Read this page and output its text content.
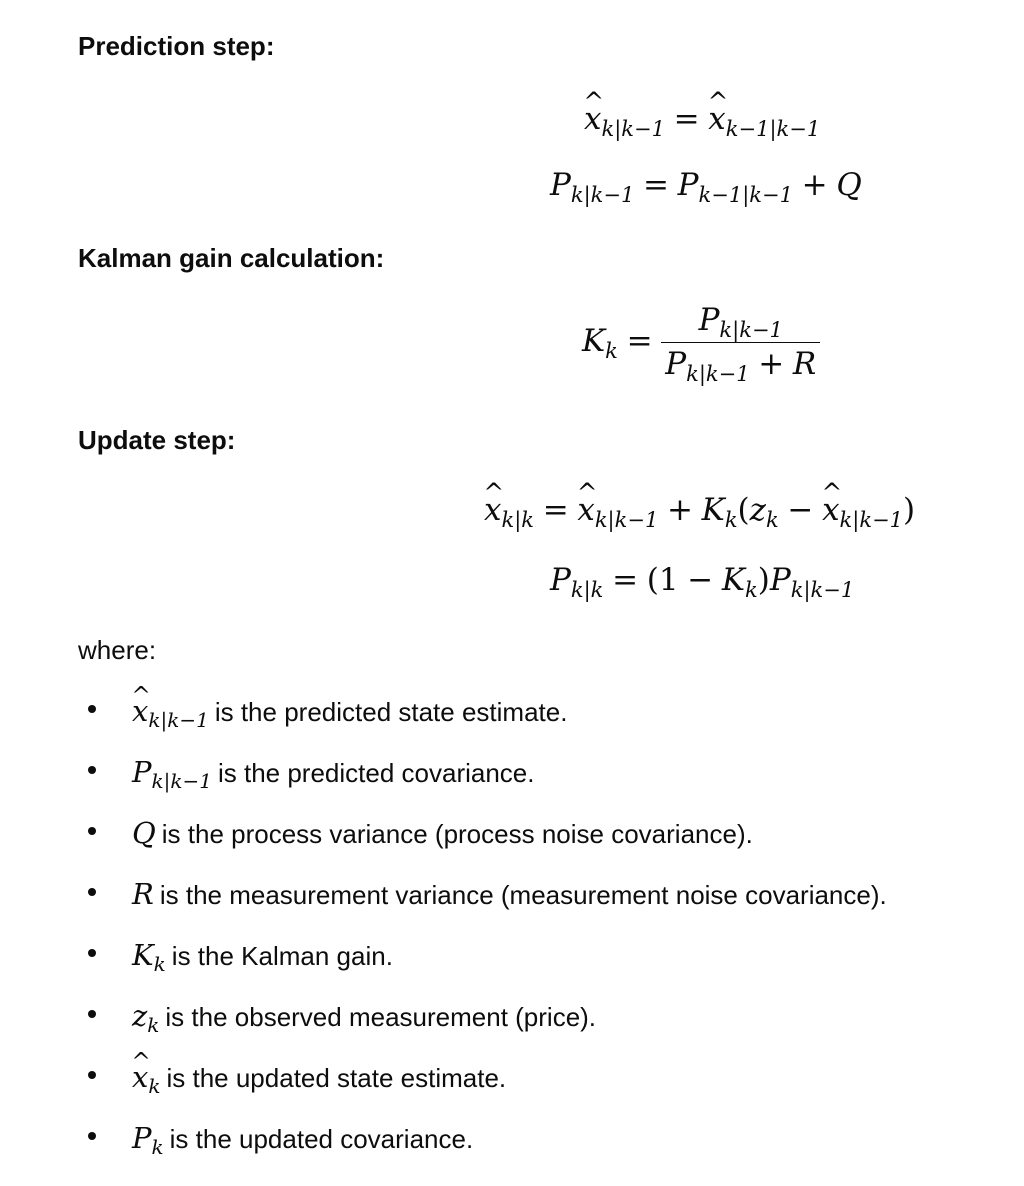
Prediction step:
^ $x_{k|k-1}$ = ^ $x_{k-1|k-1}$
$P_{k|k-1} = P_{k-1|k-1} + Q$
Kalman gain calculation:
$K_k = \frac{P_{k|k-1}}{P_{k|k-1} + R}$
Update step:
^ $x_{k|k}$ = ^ $x_{k|k-1} + K_k(z_k$ − ^ $x_{k|k-1}$)
$P_{k|k} = (1 - K_k)P_{k|k-1}$

where:

^ $x_{k|k-1}$ is the predicted state estimate.
$P_{k|k-1}$ is the predicted covariance.
Q is the process variance (process noise covariance).
R is the measurement variance (measurement noise covariance).
$K_k$ is the Kalman gain.
$z_k$ is the observed measurement (price).
^ $x_k$ is the updated state estimate.
$P_k$ is the updated covariance.
